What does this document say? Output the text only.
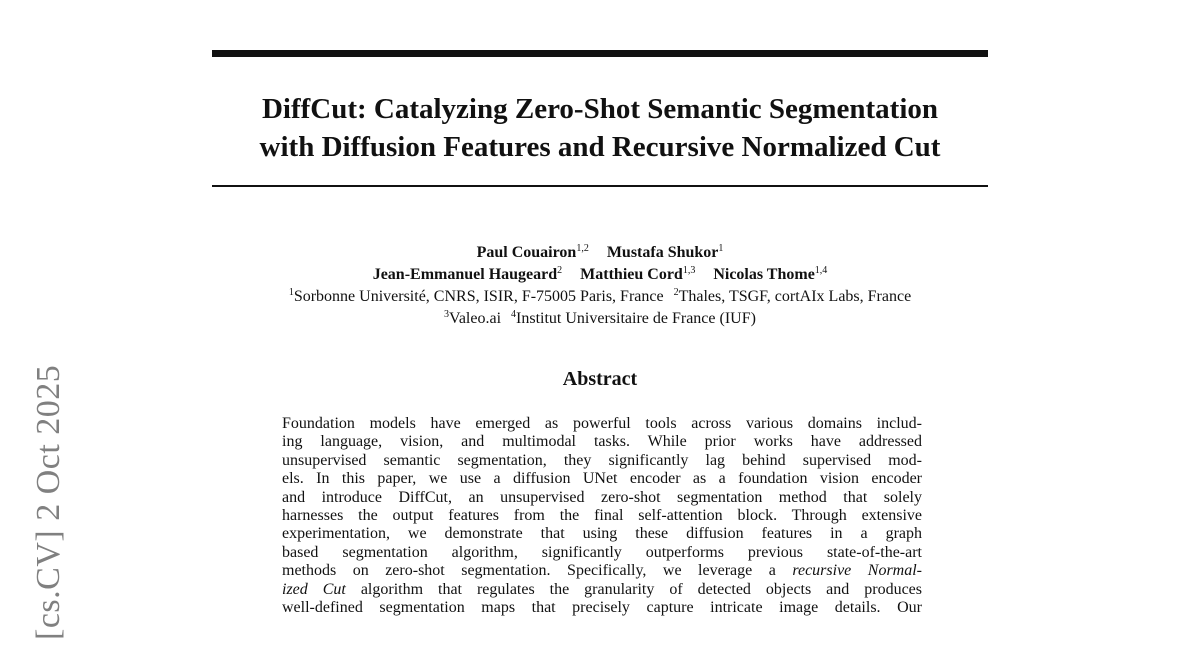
DiffCut: Catalyzing Zero-Shot Semantic Segmentation
with Diffusion Features and Recursive Normalized Cut
Paul Couairon$^{1,2}$ Mustafa Shukor$^1$
Jean-Emmanuel Haugeard$^2$ Matthieu Cord$^{1,3}$ Nicolas Thome$^{1,4}$
$^1$Sorbonne Université, CNRS, ISIR, F-75005 Paris, France $^2$Thales, TSGF, cortAIx Labs, France
$^3$Valeo.ai $^4$Institut Universitaire de France (IUF)
Abstract
Foundation models have emerged as powerful tools across various domains includ-
ing language, vision, and multimodal tasks. While prior works have addressed
unsupervised semantic segmentation, they significantly lag behind supervised mod-
els. In this paper, we use a diffusion UNet encoder as a foundation vision encoder
and introduce DiffCut, an unsupervised zero-shot segmentation method that solely
harnesses the output features from the final self-attention block. Through extensive
experimentation, we demonstrate that using these diffusion features in a graph
based segmentation algorithm, significantly outperforms previous state-of-the-art
methods on zero-shot segmentation. Specifically, we leverage a recursive Normal-
ized Cut algorithm that regulates the granularity of detected objects and produces
well-defined segmentation maps that precisely capture intricate image details. Our
[cs.CV] 2 Oct 2025
